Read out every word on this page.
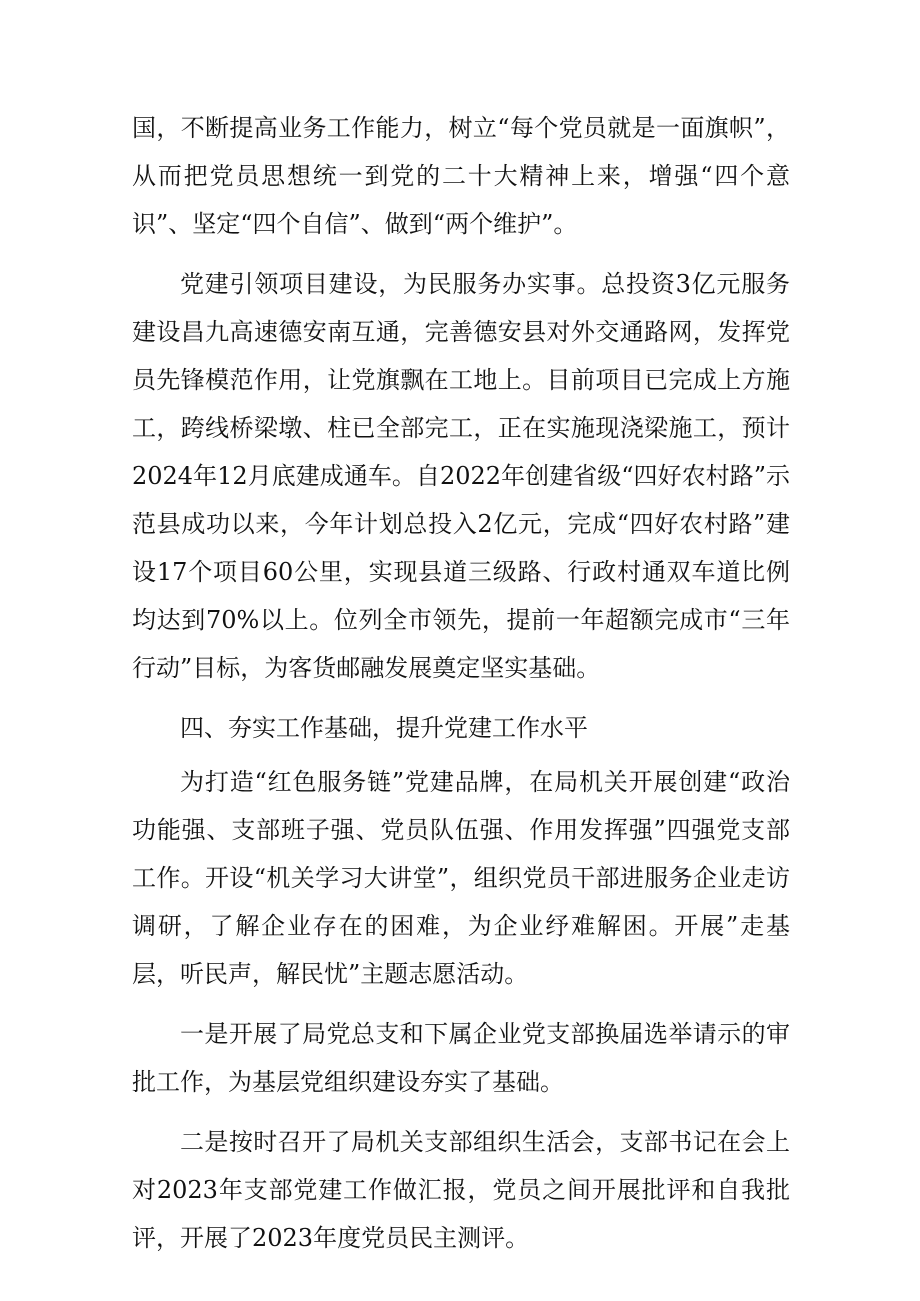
国，不断提高业务工作能力，树立“每个党员就是一面旗帜”，从而把党员思想统一到党的二十大精神上来，增强“四个意识”、坚定“四个自信”、做到“两个维护”。

党建引领项目建设，为民服务办实事。总投资3亿元服务建设昌九高速德安南互通，完善德安县对外交通路网，发挥党员先锋模范作用，让党旗飘在工地上。目前项目已完成上方施工，跨线桥梁墩、柱已全部完工，正在实施现浇梁施工，预计2024年12月底建成通车。自2022年创建省级“四好农村路”示范县成功以来，今年计划总投入2亿元，完成“四好农村路”建设17个项目60公里，实现县道三级路、行政村通双车道比例均达到70%以上。位列全市领先，提前一年超额完成市“三年行动”目标，为客货邮融发展奠定坚实基础。

四、夯实工作基础，提升党建工作水平

为打造“红色服务链”党建品牌，在局机关开展创建“政治功能强、支部班子强、党员队伍强、作用发挥强”四强党支部工作。开设“机关学习大讲堂”，组织党员干部进服务企业走访调研，了解企业存在的困难，为企业纾难解困。开展”走基层，听民声，解民忧”主题志愿活动。

一是开展了局党总支和下属企业党支部换届选举请示的审批工作，为基层党组织建设夯实了基础。

二是按时召开了局机关支部组织生活会，支部书记在会上对2023年支部党建工作做汇报，党员之间开展批评和自我批评，开展了2023年度党员民主测评。
